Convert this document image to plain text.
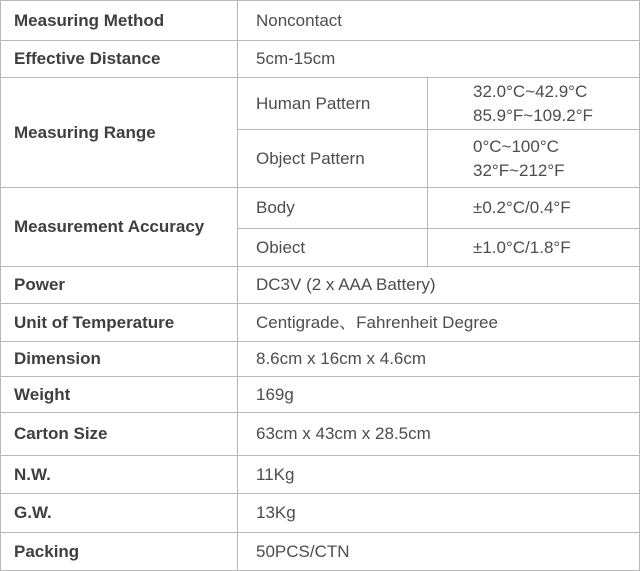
Measuring Method	Noncontact	
Effective Distance	5cm-15cm	
Measuring Range	Human Pattern	32.0°C~42.9°C
85.9°F~109.2°F

	Object Pattern	0°C~100°C
32°F~212°F

Measurement Accuracy	Body	±0.2°C/0.4°F
	Obiect	±1.0°C/1.8°F
Power	DC3V (2 x AAA Battery)	
Unit of Temperature	Centigrade、Fahrenheit Degree	
Dimension	8.6cm x 16cm x 4.6cm	
Weight	169g	
Carton Size	63cm x 43cm x 28.5cm	
N.W.	11Kg	
G.W.	13Kg	
Packing	50PCS/CTN	
